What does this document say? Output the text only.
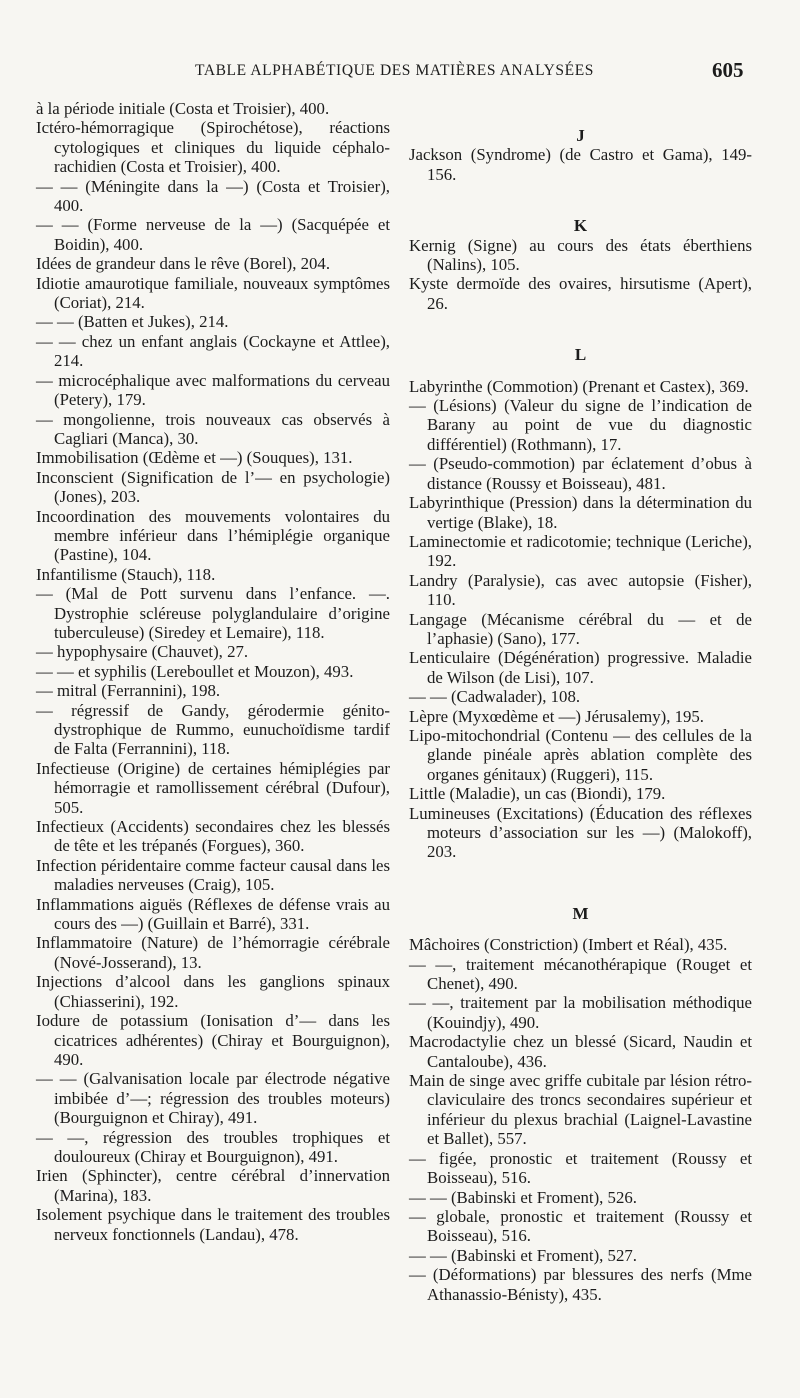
TABLE ALPHABÉTIQUE DES MATIÈRES ANALYSÉES	605
à la période initiale (Costa et Troisier), 400.
Ictéro-hémorragique (Spirochétose), réactions cytologiques et cliniques du liquide céphalo-rachidien (Costa et Troisier), 400.
— — (Méningite dans la —) (Costa et Troisier), 400.
— — (Forme nerveuse de la —) (Sacquépée et Boidin), 400.
Idées de grandeur dans le rêve (Borel), 204.
Idiotie amaurotique familiale, nouveaux symptômes (Coriat), 214.
— — (Batten et Jukes), 214.
— — chez un enfant anglais (Cockayne et Attlee), 214.
— microcéphalique avec malformations du cerveau (Petery), 179.
— mongolienne, trois nouveaux cas observés à Cagliari (Manca), 30.
Immobilisation (Œdème et —) (Souques), 131.
Inconscient (Signification de l’— en psychologie) (Jones), 203.
Incoordination des mouvements volontaires du membre inférieur dans l’hémiplégie organique (Pastine), 104.
Infantilisme (Stauch), 118.
— (Mal de Pott survenu dans l’enfance. —. Dystrophie scléreuse polyglandulaire d’origine tuberculeuse) (Siredey et Lemaire), 118.
— hypophysaire (Chauvet), 27.
— — et syphilis (Lereboullet et Mouzon), 493.
— mitral (Ferrannini), 198.
— régressif de Gandy, gérodermie génito-dystrophique de Rummo, eunuchoïdisme tardif de Falta (Ferrannini), 118.
Infectieuse (Origine) de certaines hémiplégies par hémorragie et ramollissement cérébral (Dufour), 505.
Infectieux (Accidents) secondaires chez les blessés de tête et les trépanés (Forgues), 360.
Infection péridentaire comme facteur causal dans les maladies nerveuses (Craig), 105.
Inflammations aiguës (Réflexes de défense vrais au cours des —) (Guillain et Barré), 331.
Inflammatoire (Nature) de l’hémorragie cérébrale (Nové-Josserand), 13.
Injections d’alcool dans les ganglions spinaux (Chiasserini), 192.
Iodure de potassium (Ionisation d’— dans les cicatrices adhérentes) (Chiray et Bourguignon), 490.
— — (Galvanisation locale par électrode négative imbibée d’—; régression des troubles moteurs) (Bourguignon et Chiray), 491.
— —, régression des troubles trophiques et douloureux (Chiray et Bourguignon), 491.
Irien (Sphincter), centre cérébral d’innervation (Marina), 183.
Isolement psychique dans le traitement des troubles nerveux fonctionnels (Landau), 478.
J
Jackson (Syndrome) (de Castro et Gama), 149-156.
K
Kernig (Signe) au cours des états éberthiens (Nalins), 105.
Kyste dermoïde des ovaires, hirsutisme (Apert), 26.
L
Labyrinthe (Commotion) (Prenant et Castex), 369.
— (Lésions) (Valeur du signe de l’indication de Barany au point de vue du diagnostic différentiel) (Rothmann), 17.
— (Pseudo-commotion) par éclatement d’obus à distance (Roussy et Boisseau), 481.
Labyrinthique (Pression) dans la détermination du vertige (Blake), 18.
Laminectomie et radicotomie; technique (Leriche), 192.
Landry (Paralysie), cas avec autopsie (Fisher), 110.
Langage (Mécanisme cérébral du — et de l’aphasie) (Sano), 177.
Lenticulaire (Dégénération) progressive. Maladie de Wilson (de Lisi), 107.
— — (Cadwalader), 108.
Lèpre (Myxœdème et —) Jérusalemy), 195.
Lipo-mitochondrial (Contenu — des cellules de la glande pinéale après ablation complète des organes génitaux) (Ruggeri), 115.
Little (Maladie), un cas (Biondi), 179.
Lumineuses (Excitations) (Éducation des réflexes moteurs d’association sur les —) (Malokoff), 203.
M
Mâchoires (Constriction) (Imbert et Réal), 435.
— —, traitement mécanothérapique (Rouget et Chenet), 490.
— —, traitement par la mobilisation méthodique (Kouindjy), 490.
Macrodactylie chez un blessé (Sicard, Naudin et Cantaloube), 436.
Main de singe avec griffe cubitale par lésion rétro-claviculaire des troncs secondaires supérieur et inférieur du plexus brachial (Laignel-Lavastine et Ballet), 557.
— figée, pronostic et traitement (Roussy et Boisseau), 516.
— — (Babinski et Froment), 526.
— globale, pronostic et traitement (Roussy et Boisseau), 516.
— — (Babinski et Froment), 527.
— (Déformations) par blessures des nerfs (Mme Athanassio-Bénisty), 435.
